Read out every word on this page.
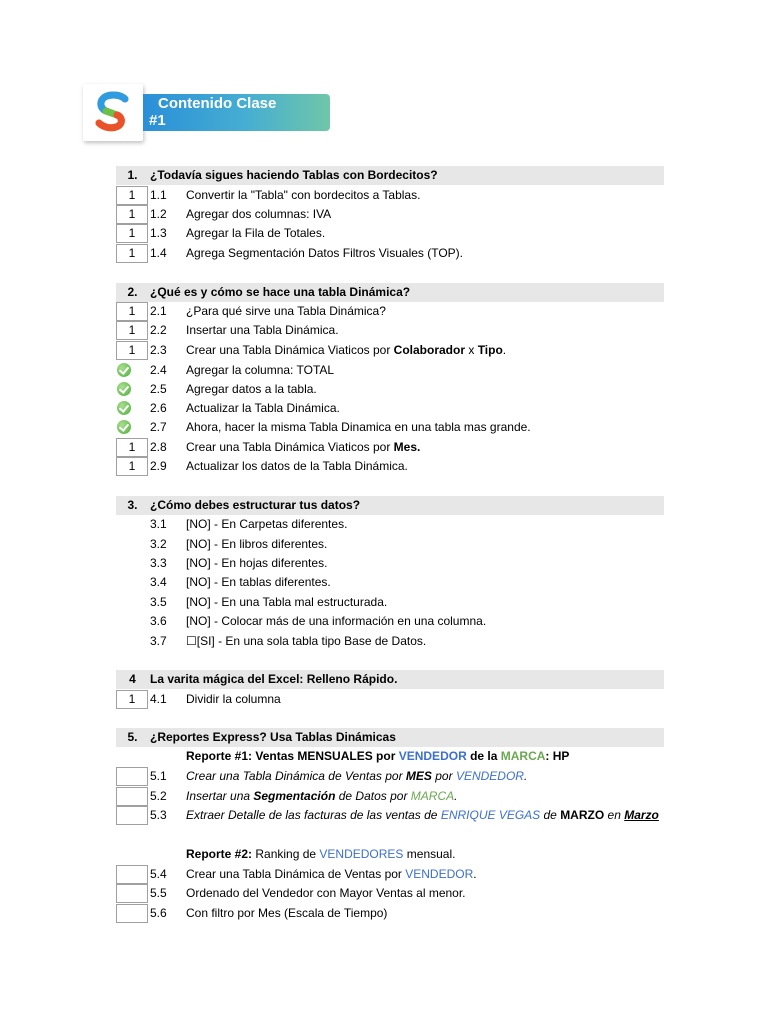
Contenido Clase
#1
1.	¿Todavía sigues haciendo Tablas con Bordecitos?
1	1.1 Convertir la "Tabla" con bordecitos a Tablas.
1	1.2 Agregar dos columnas: IVA
1	1.3 Agregar la Fila de Totales.
1	1.4 Agrega Segmentación Datos Filtros Visuales (TOP).
2.	¿Qué es y cómo se hace una tabla Dinámica?
1	2.1 ¿Para qué sirve una Tabla Dinámica?
1	2.2 Insertar una Tabla Dinámica.
1	2.3 Crear una Tabla Dinámica Viaticos por Colaborador x Tipo.
2.4 Agregar la columna: TOTAL
2.5 Agregar datos a la tabla.
2.6 Actualizar la Tabla Dinámica.
2.7 Ahora, hacer la misma Tabla Dinamica en una tabla mas grande.
1	2.8 Crear una Tabla Dinámica Viaticos por Mes.
1	2.9 Actualizar los datos de la Tabla Dinámica.
3.	¿Cómo debes estructurar tus datos?
3.1 [NO] - En Carpetas diferentes.
3.2 [NO] - En libros diferentes.
3.3 [NO] - En hojas diferentes.
3.4 [NO] - En tablas diferentes.
3.5 [NO] - En una Tabla mal estructurada.
3.6 [NO] - Colocar más de una información en una columna.
3.7 ☐[SI] - En una sola tabla tipo Base de Datos.
4	La varita mágica del Excel: Relleno Rápido.
1	4.1 Dividir la columna
5.	¿Reportes Express? Usa Tablas Dinámicas
Reporte #1: Ventas MENSUALES por VENDEDOR de la MARCA: HP
5.1 Crear una Tabla Dinámica de Ventas por MES por VENDEDOR.
5.2 Insertar una Segmentación de Datos por MARCA.
5.3 Extraer Detalle de las facturas de las ventas de ENRIQUE VEGAS de MARZO en Marzo
Reporte #2: Ranking de VENDEDORES mensual.
5.4 Crear una Tabla Dinámica de Ventas por VENDEDOR.
5.5 Ordenado del Vendedor con Mayor Ventas al menor.
5.6 Con filtro por Mes (Escala de Tiempo)
